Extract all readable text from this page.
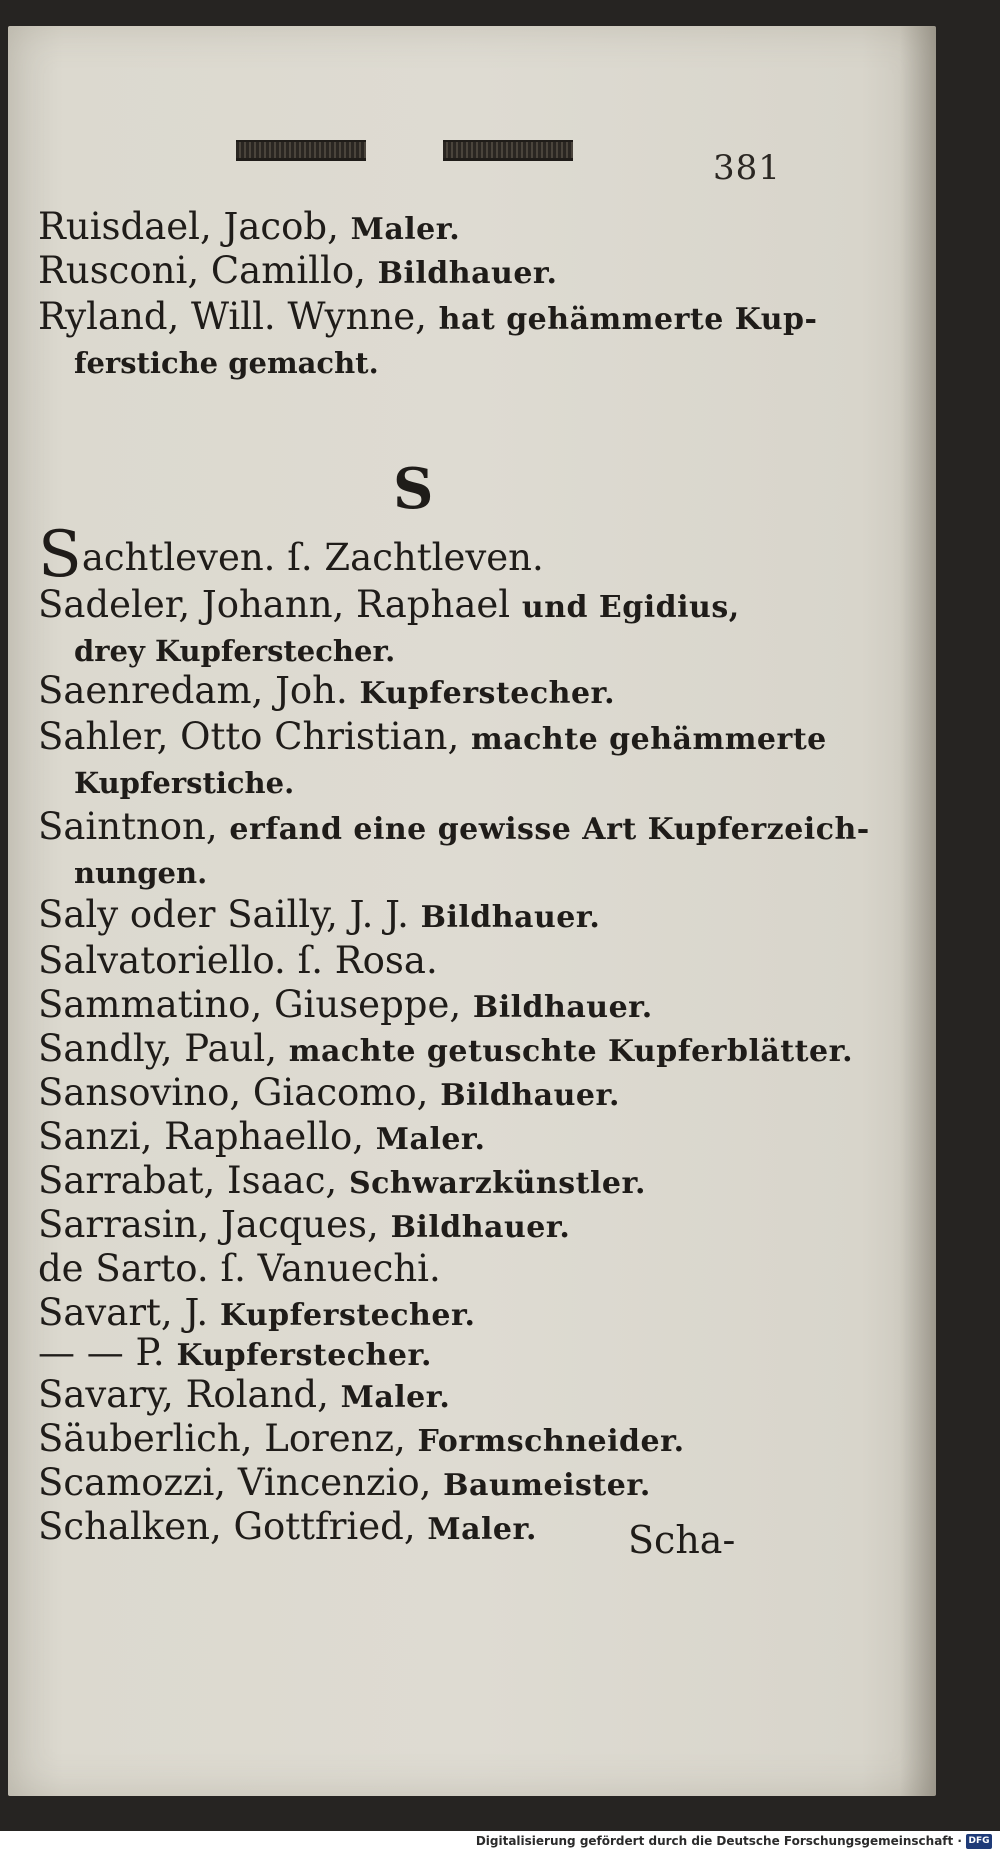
381
Ruisdael, Jacob, Maler.
Rusconi, Camillo, Bildhauer.
Ryland, Will. Wynne, hat gehämmerte Kup-
ferstiche gemacht.
S
Sachtleven. ſ. Zachtleven.
Sadeler, Johann, Raphael und Egidius,
drey Kupferstecher.
Saenredam, Joh. Kupferstecher.
Sahler, Otto Christian, machte gehämmerte
Kupferstiche.
Saintnon, erfand eine gewisse Art Kupferzeich-
nungen.
Saly oder Sailly, J. J. Bildhauer.
Salvatoriello. ſ. Rosa.
Sammatino, Giuseppe, Bildhauer.
Sandly, Paul, machte getuschte Kupferblätter.
Sansovino, Giacomo, Bildhauer.
Sanzi, Raphaello, Maler.
Sarrabat, Isaac, Schwarzkünstler.
Sarrasin, Jacques, Bildhauer.
de Sarto. ſ. Vanuechi.
Savart, J. Kupferstecher.
— — P. Kupferstecher.
Savary, Roland, Maler.
Säuberlich, Lorenz, Formschneider.
Scamozzi, Vincenzio, Baumeister.
Schalken, Gottfried, Maler.	Scha-
Digitalisierung gefördert durch die Deutsche Forschungsgemeinschaft · DFG
